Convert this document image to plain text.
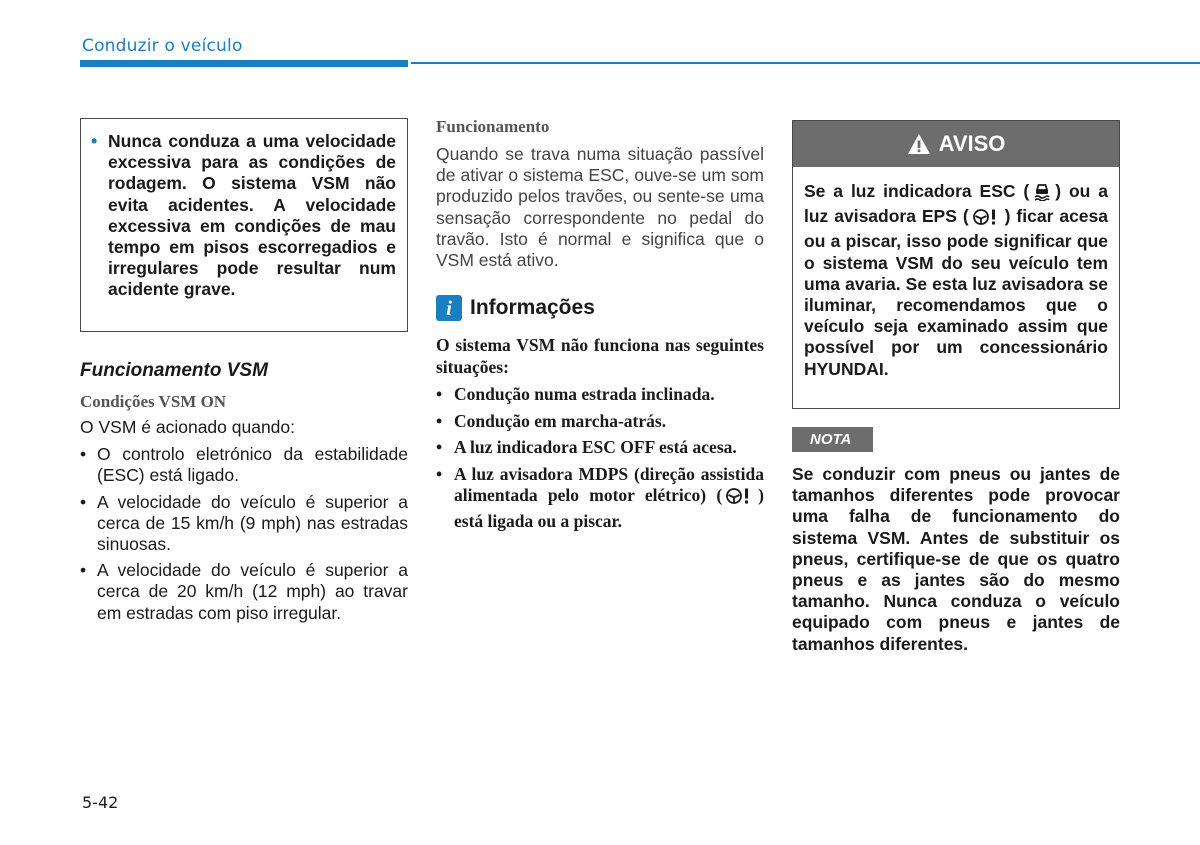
Conduzir o veículo
• Nunca conduza a uma velocidade excessiva para as condições de rodagem. O sistema VSM não evita acidentes. A velocidade excessiva em condições de mau tempo em pisos escorregadios e irregulares pode resultar num acidente grave.
Funcionamento VSM
Condições VSM ON
O VSM é acionado quando:
• O controlo eletrónico da estabilidade (ESC) está ligado.
• A velocidade do veículo é superior a cerca de 15 km/h (9 mph) nas estradas sinuosas.
• A velocidade do veículo é superior a cerca de 20 km/h (12 mph) ao travar em estradas com piso irregular.
Funcionamento
Quando se trava numa situação passível de ativar o sistema ESC, ouve-se um som produzido pelos travões, ou sente-se uma sensação correspondente no pedal do travão. Isto é normal e significa que o VSM está ativo.
i Informações
O sistema VSM não funciona nas seguintes situações:
• Condução numa estrada inclinada.
• Condução em marcha-atrás.
• A luz indicadora ESC OFF está acesa.
• A luz avisadora MDPS (direção assistida alimentada pelo motor elétrico) ( ) está ligada ou a piscar.
AVISO
Se a luz indicadora ESC ( ) ou a luz avisadora EPS ( ) ficar acesa ou a piscar, isso pode significar que o sistema VSM do seu veículo tem uma avaria. Se esta luz avisadora se iluminar, recomendamos que o veículo seja examinado assim que possível por um concessionário HYUNDAI.
NOTA
Se conduzir com pneus ou jantes de tamanhos diferentes pode provocar uma falha de funcionamento do sistema VSM. Antes de substituir os pneus, certifique-se de que os quatro pneus e as jantes são do mesmo tamanho. Nunca conduza o veículo equipado com pneus e jantes de tamanhos diferentes.
5-42
